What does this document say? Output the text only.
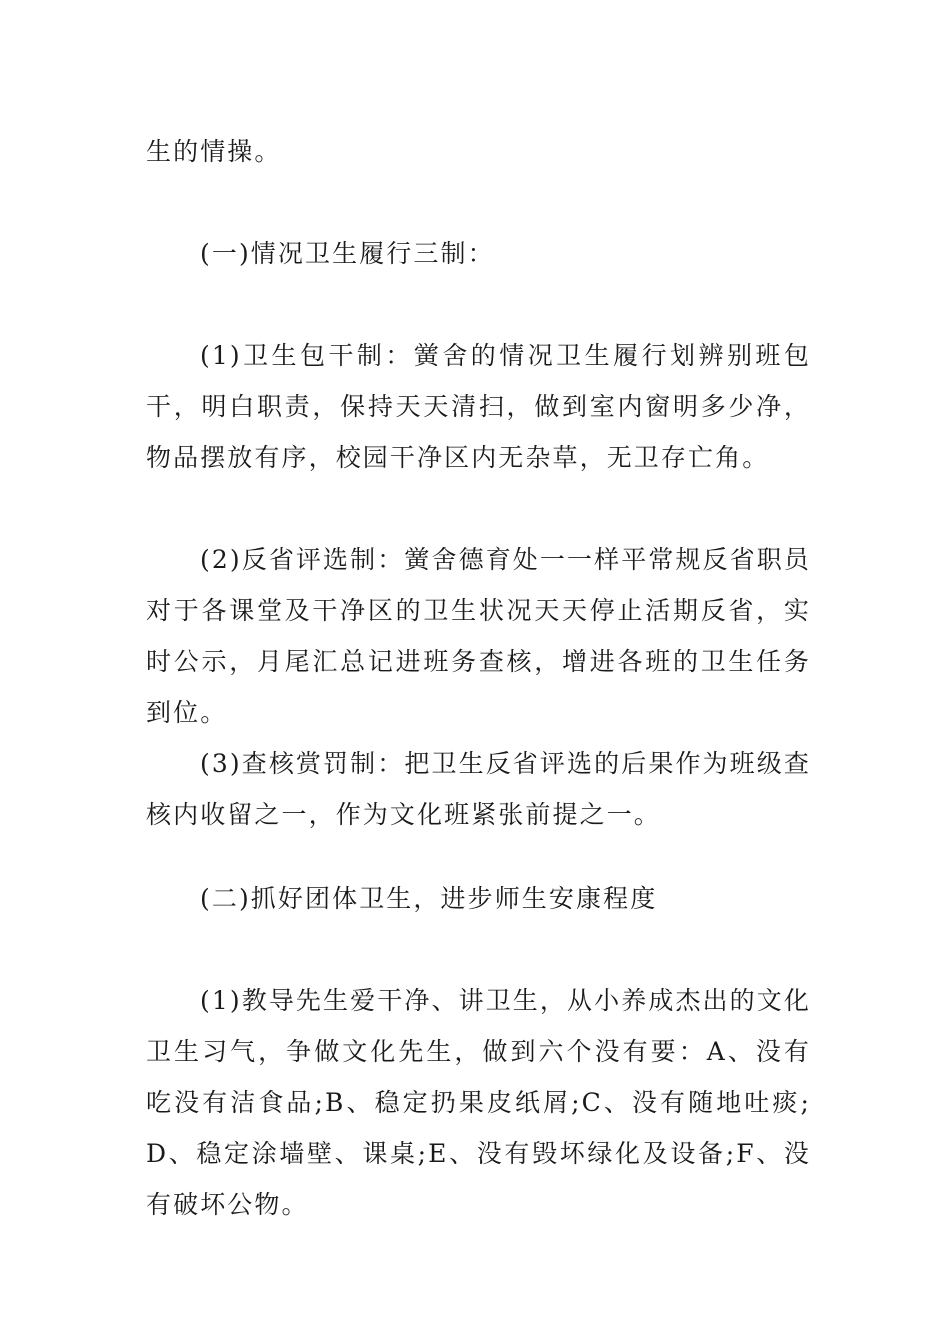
生的情操。

(一)情况卫生履行三制：

(1)卫生包干制：黉舍的情况卫生履行划辨别班包干，明白职责，保持天天清扫，做到室内窗明多少净，物品摆放有序，校园干净区内无杂草，无卫存亡角。

(2)反省评选制：黉舍德育处一一样平常规反省职员对于各课堂及干净区的卫生状况天天停止活期反省，实时公示，月尾汇总记进班务查核，增进各班的卫生任务到位。

(3)查核赏罚制：把卫生反省评选的后果作为班级查核内收留之一，作为文化班紧张前提之一。

(二)抓好团体卫生，进步师生安康程度

(1)教导先生爱干净、讲卫生，从小养成杰出的文化卫生习气，争做文化先生，做到六个没有要：A、没有吃没有洁食品;B、稳定扔果皮纸屑;C、没有随地吐痰;D、稳定涂墙壁、课桌;E、没有毁坏绿化及设备;F、没有破坏公物。
